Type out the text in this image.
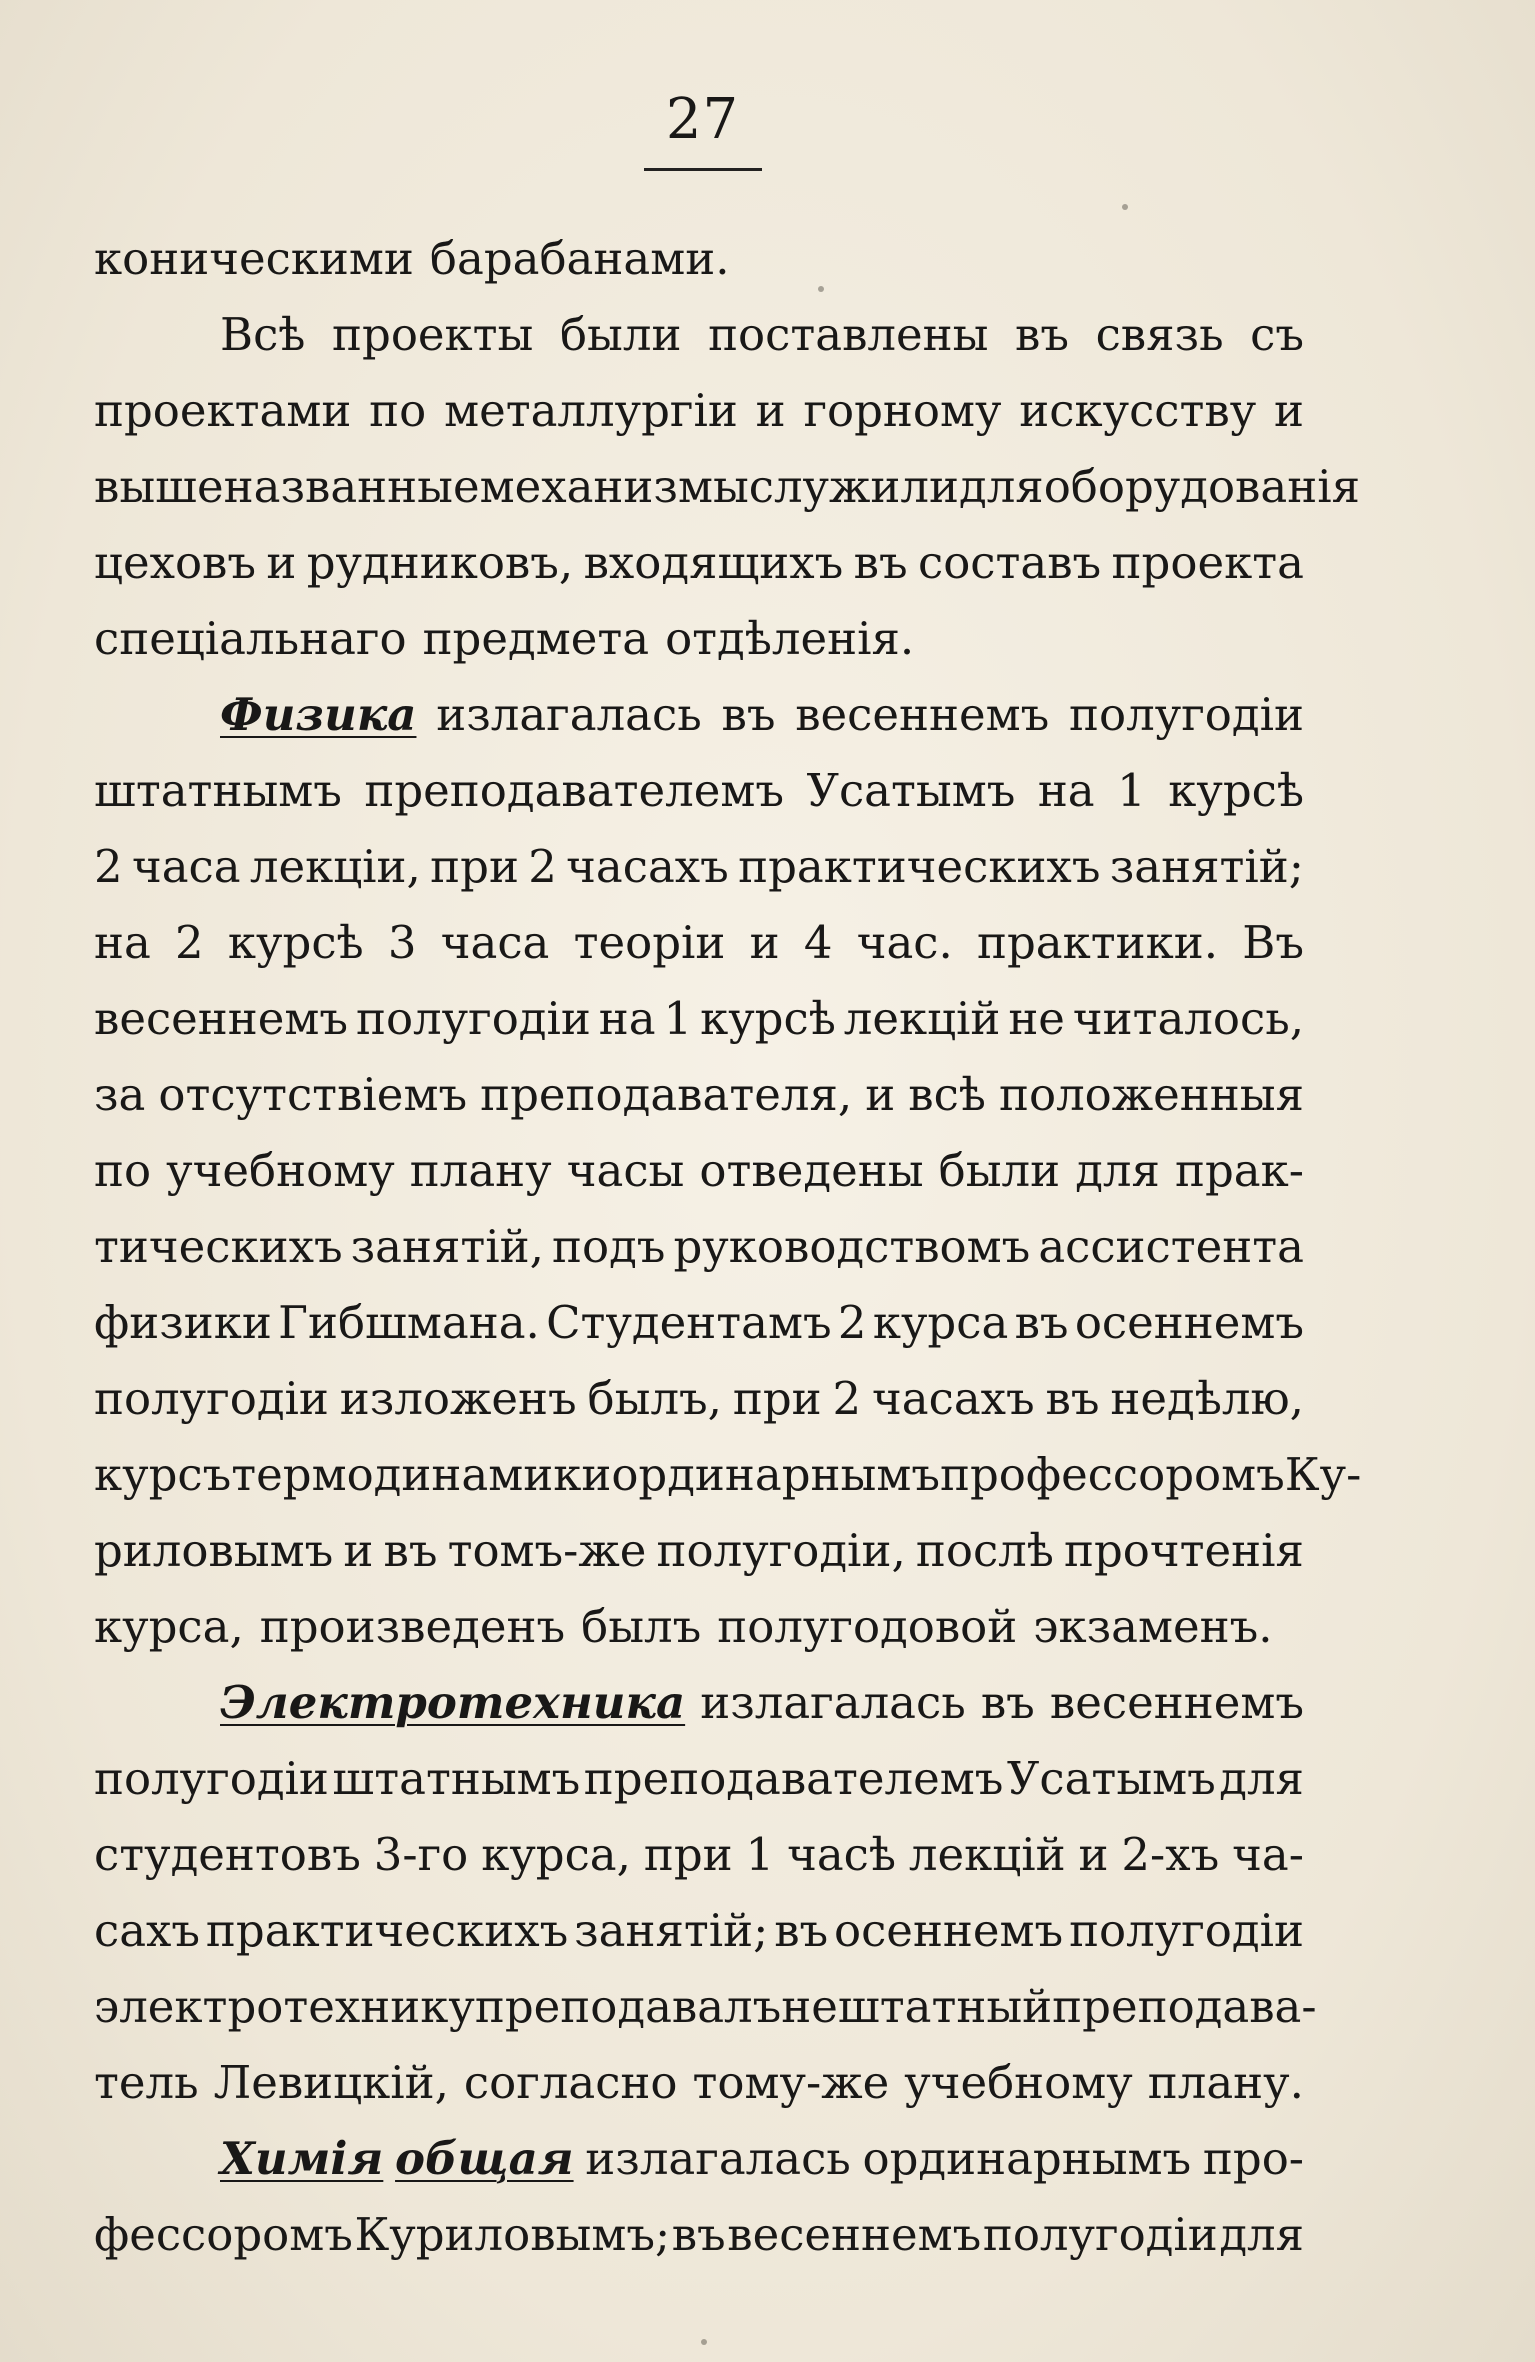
27
коническими барабанами.
Всѣ проекты были поставлены въ связь съ
проектами по металлургіи и горному искусству и
вышеназванные механизмы служили для оборудованія
цеховъ и рудниковъ, входящихъ въ составъ проекта
спеціальнаго предмета отдѣленія.
Физика излагалась въ весеннемъ полугодіи
штатнымъ преподавателемъ Усатымъ на 1 курсѣ
2 часа лекціи, при 2 часахъ практическихъ занятій;
на 2 курсѣ 3 часа теоріи и 4 час. практики. Въ
весеннемъ полугодіи на 1 курсѣ лекцій не читалось,
за отсутствіемъ преподавателя, и всѣ положенныя
по учебному плану часы отведены были для прак-
тическихъ занятій, подъ руководствомъ ассистента
физики Гибшмана. Студентамъ 2 курса въ осеннемъ
полугодіи изложенъ былъ, при 2 часахъ въ недѣлю,
курсъ термодинамики ординарнымъ профессоромъ Ку-
риловымъ и въ томъ-же полугодіи, послѣ прочтенія
курса, произведенъ былъ полугодовой экзаменъ.
Электротехника излагалась въ весеннемъ
полугодіи штатнымъ преподавателемъ Усатымъ для
студентовъ 3-го курса, при 1 часѣ лекцій и 2-хъ ча-
сахъ практическихъ занятій; въ осеннемъ полугодіи
электротехнику преподавалъ нештатный преподава-
тель Левицкій, согласно тому-же учебному плану.
Химія общая излагалась ординарнымъ про-
фессоромъ Куриловымъ; въ весеннемъ полугодіи для
